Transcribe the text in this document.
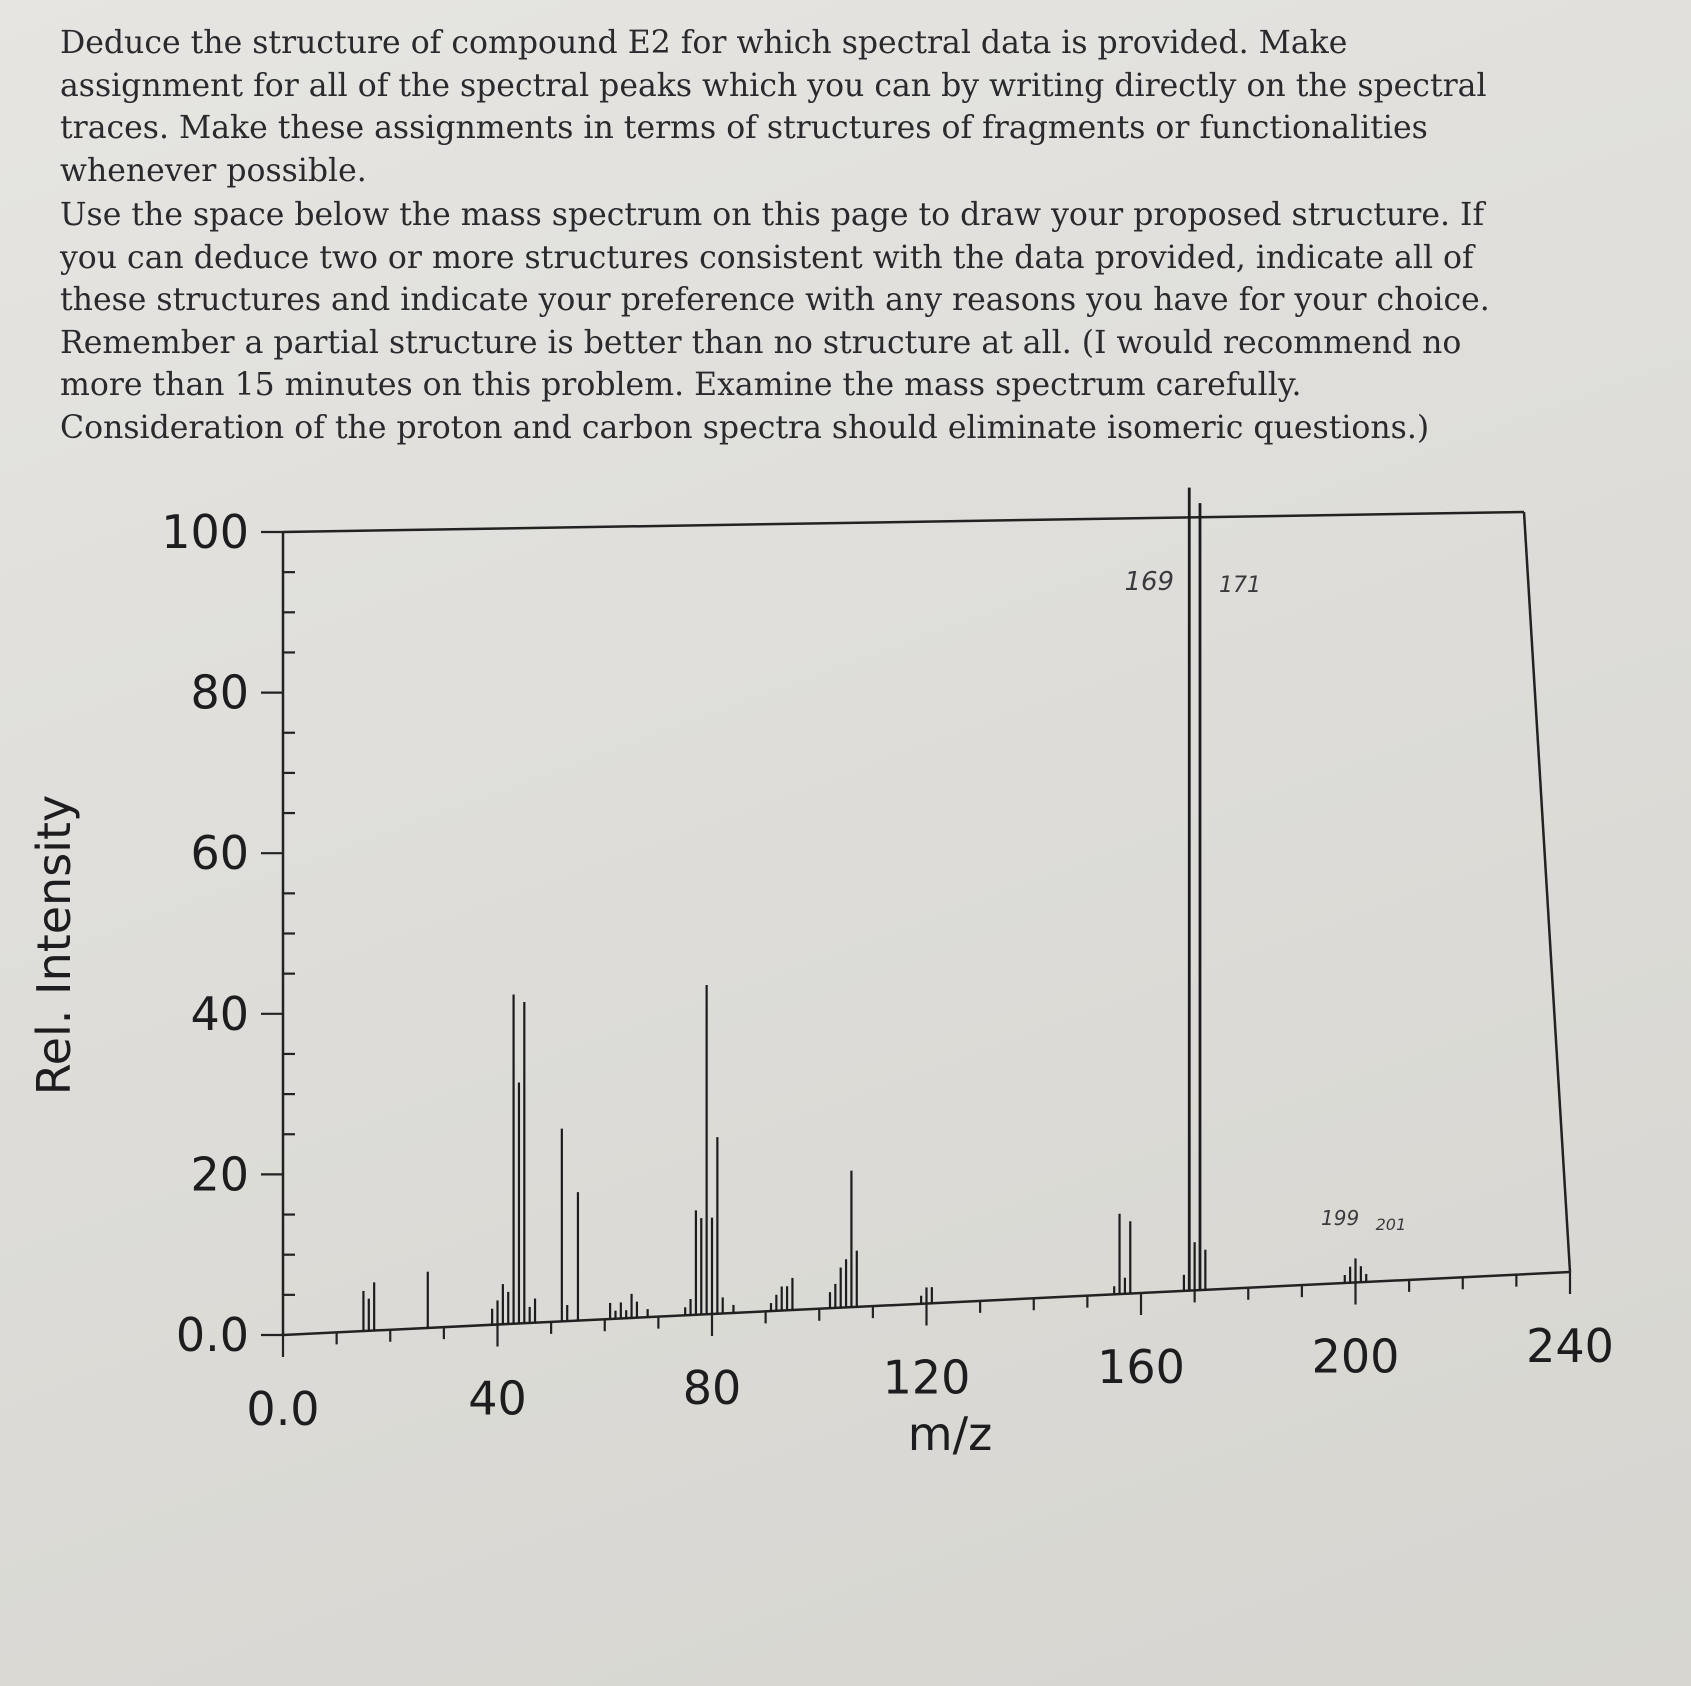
Deduce the structure of compound E2 for which spectral data is provided. Make assignment for all of the spectral peaks which you can by writing directly on the spectral traces. Make these assignments in terms of structures of fragments or functionalities whenever possible.

Use the space below the mass spectrum on this page to draw your proposed structure. If you can deduce two or more structures consistent with the data provided, indicate all of these structures and indicate your preference with any reasons you have for your choice. Remember a partial structure is better than no structure at all. (I would recommend no more than 15 minutes on this problem. Examine the mass spectrum carefully. Consideration of the proton and carbon spectra should eliminate isomeric questions.)

0.0
20
40
60
80
100
0.0	40	80	120	160	200	240
169 171
199 201
Rel. Intensity
m/z
